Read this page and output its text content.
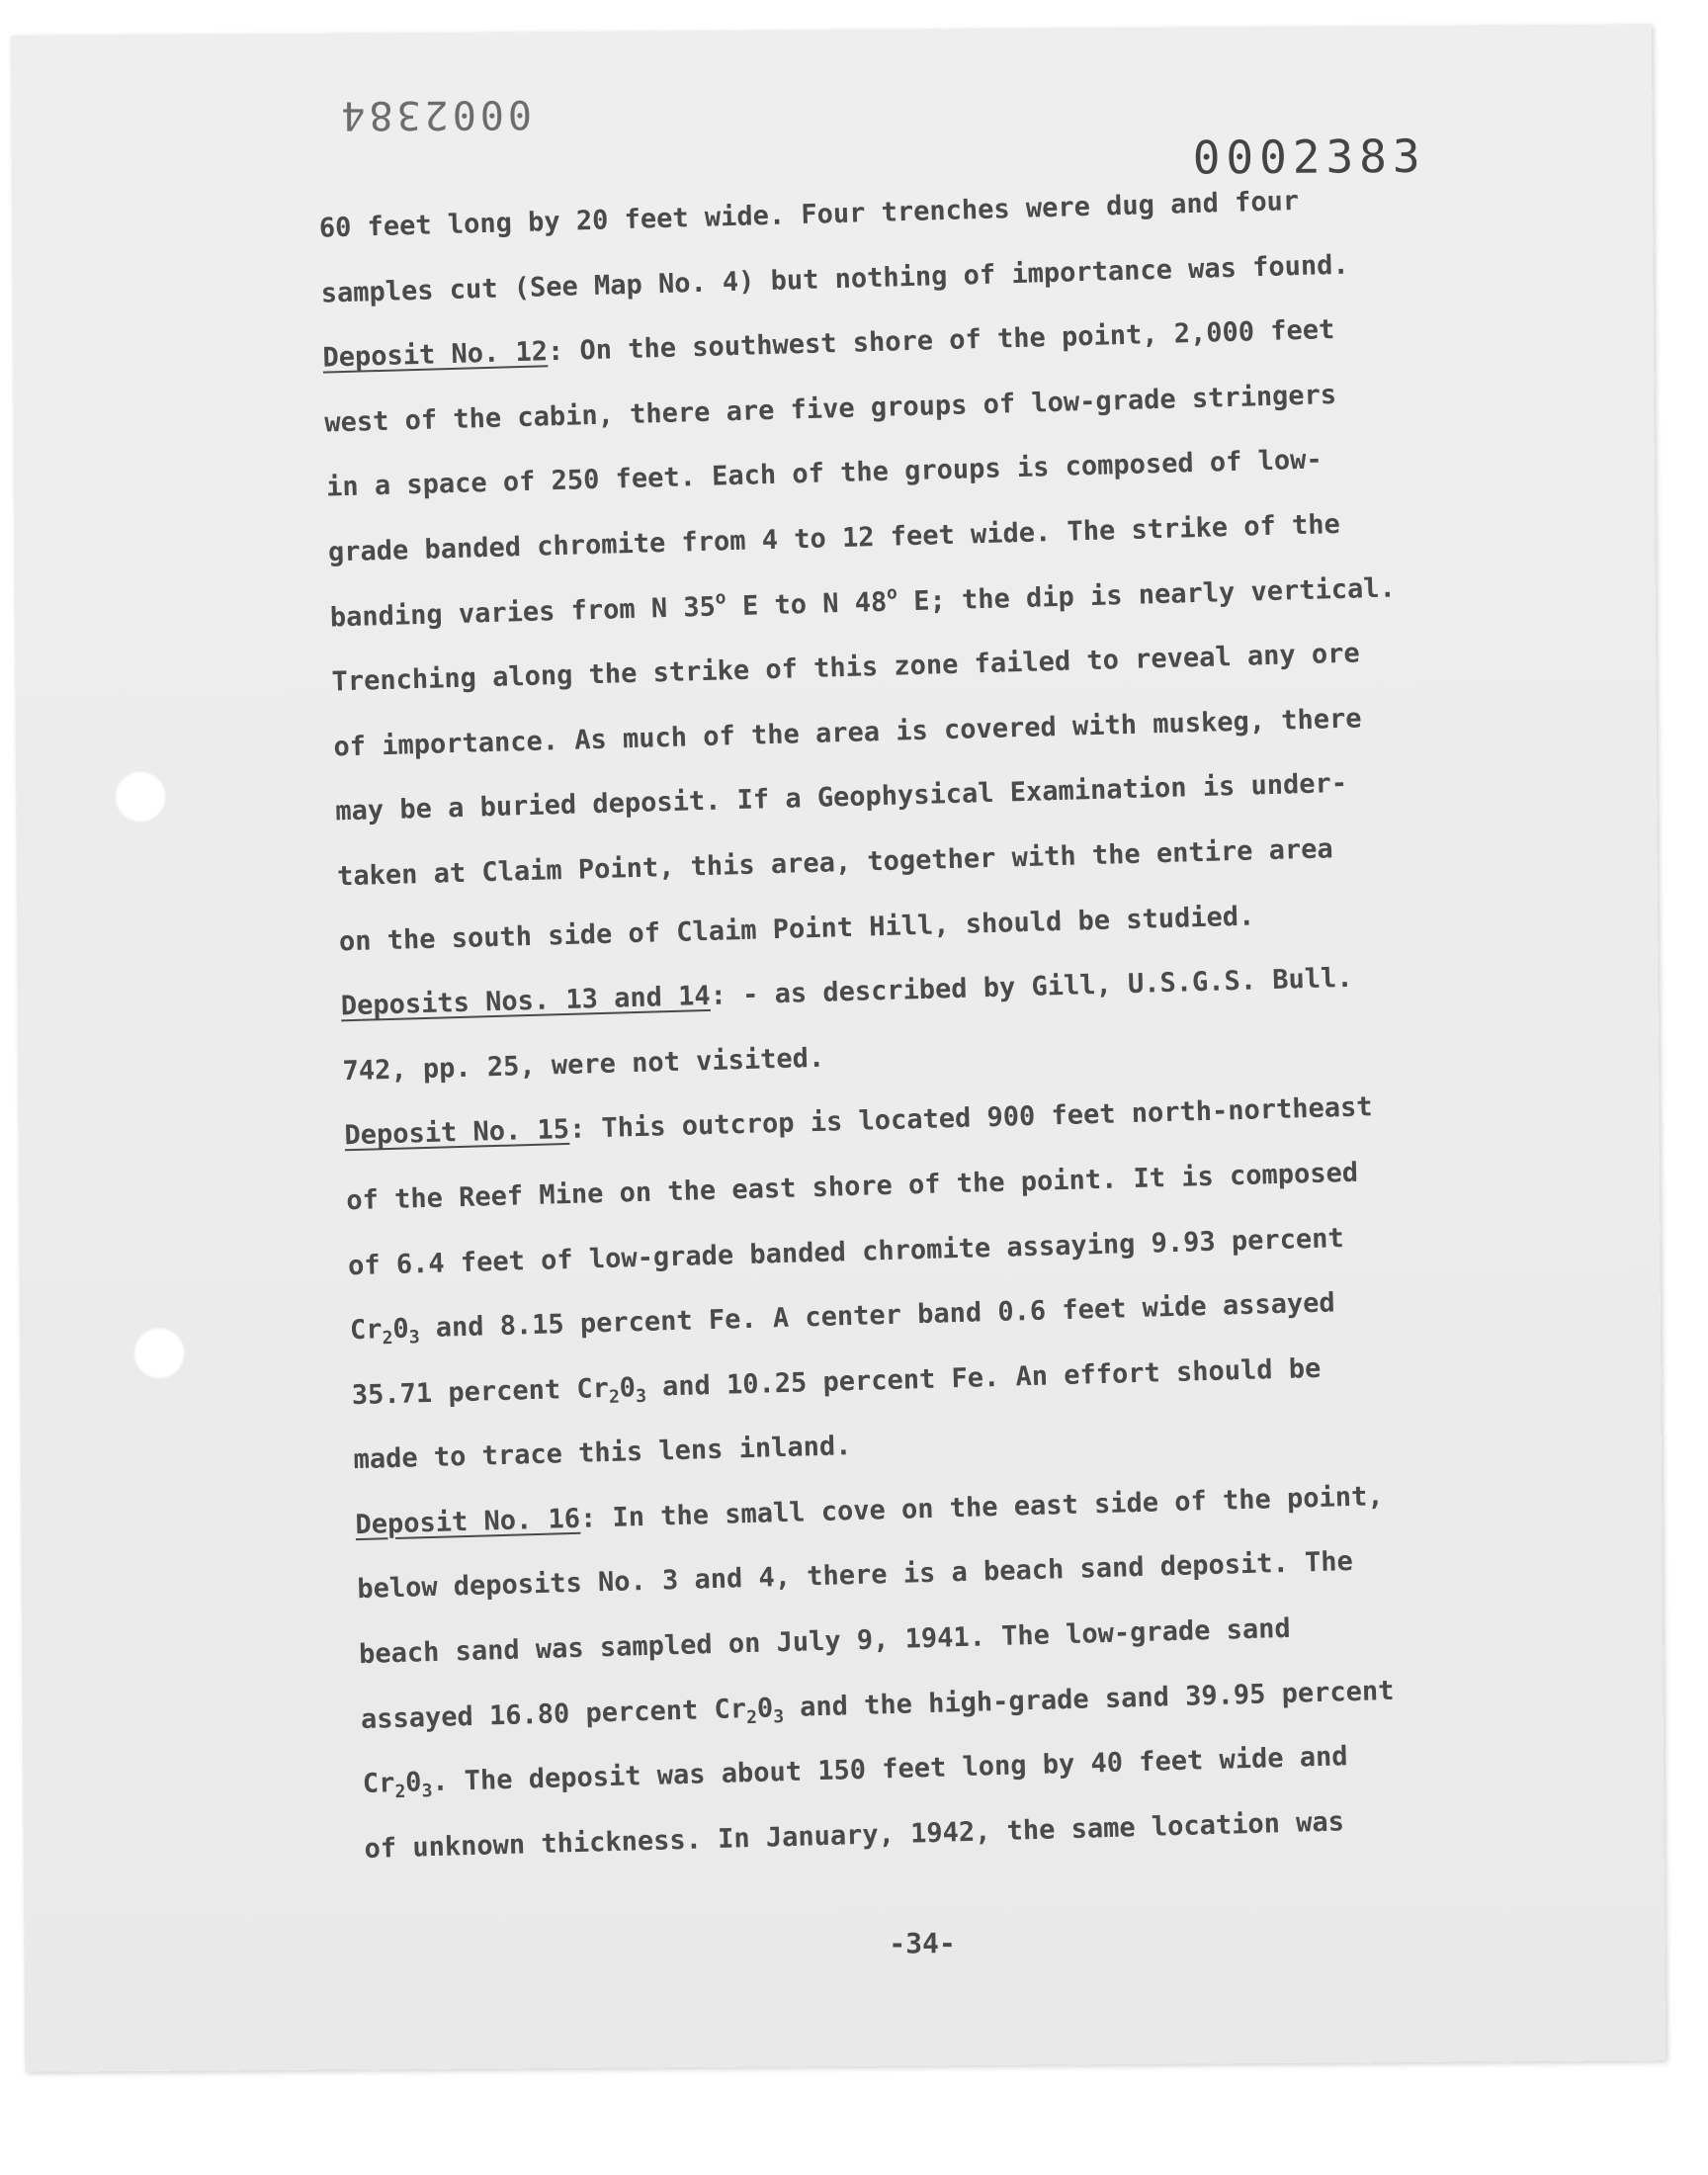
0002384
0002383
60 feet long by 20 feet wide. Four trenches were dug and four
samples cut (See Map No. 4) but nothing of importance was found.
Deposit No. 12: On the southwest shore of the point, 2,000 feet
west of the cabin, there are five groups of low-grade stringers
in a space of 250 feet. Each of the groups is composed of low-
grade banded chromite from 4 to 12 feet wide. The strike of the
banding varies from N 35$^o$ E to N 48$^o$ E; the dip is nearly vertical.
Trenching along the strike of this zone failed to reveal any ore
of importance. As much of the area is covered with muskeg, there
may be a buried deposit. If a Geophysical Examination is under-
taken at Claim Point, this area, together with the entire area
on the south side of Claim Point Hill, should be studied.
Deposits Nos. 13 and 14: - as described by Gill, U.S.G.S. Bull.
742, pp. 25, were not visited.
Deposit No. 15: This outcrop is located 900 feet north-northeast
of the Reef Mine on the east shore of the point. It is composed
of 6.4 feet of low-grade banded chromite assaying 9.93 percent
$Cr_20_3$ and 8.15 percent Fe. A center band 0.6 feet wide assayed
35.71 percent $Cr_20_3$ and 10.25 percent Fe. An effort should be
made to trace this lens inland.
Deposit No. 16: In the small cove on the east side of the point,
below deposits No. 3 and 4, there is a beach sand deposit. The
beach sand was sampled on July 9, 1941. The low-grade sand
assayed 16.80 percent $Cr_20_3$ and the high-grade sand 39.95 percent
$Cr_20_3$. The deposit was about 150 feet long by 40 feet wide and
of unknown thickness. In January, 1942, the same location was
-34-
